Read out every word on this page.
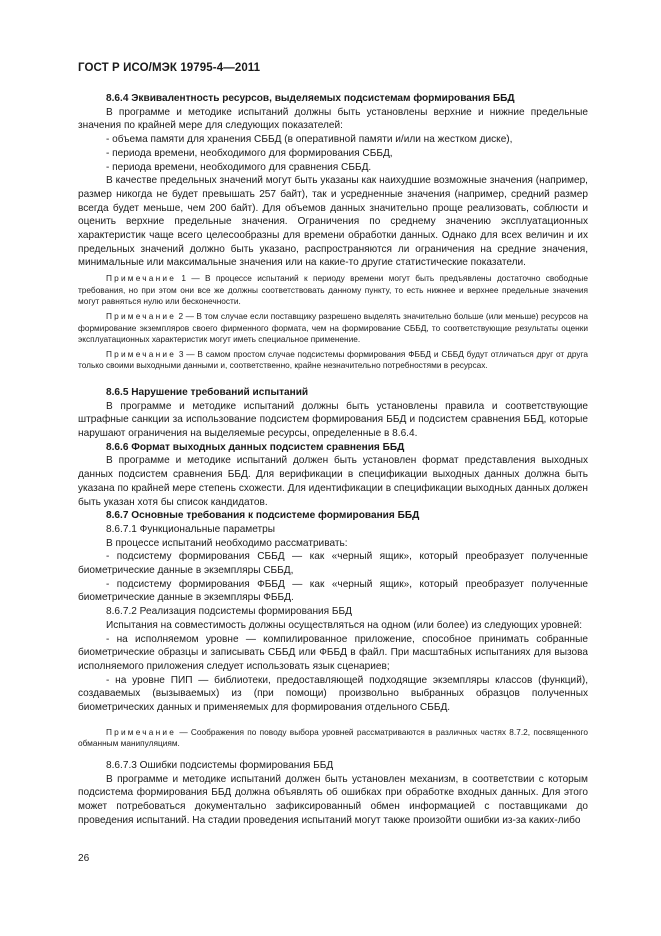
ГОСТ Р ИСО/МЭК 19795-4—2011
8.6.4 Эквивалентность ресурсов, выделяемых подсистемам формирования ББД

В программе и методике испытаний должны быть установлены верхние и нижние предельные значения по крайней мере для следующих показателей:

- объема памяти для хранения СББД (в оперативной памяти и/или на жестком диске),

- периода времени, необходимого для формирования СББД,

- периода времени, необходимого для сравнения СББД.

В качестве предельных значений могут быть указаны как наихудшие возможные значения (например, размер никогда не будет превышать 257 байт), так и усредненные значения (например, средний размер всегда будет меньше, чем 200 байт). Для объемов данных значительно проще реализовать, соблюсти и оценить верхние предельные значения. Ограничения по среднему значению эксплуатационных характеристик чаще всего целесообразны для времени обработки данных. Однако для всех величин и их предельных значений должно быть указано, распространяются ли ограничения на средние значения, минимальные или максимальные значения или на какие-то другие статистические показатели.

Примечание 1 — В процессе испытаний к периоду времени могут быть предъявлены достаточно свободные требования, но при этом они все же должны соответствовать данному пункту, то есть нижнее и верхнее предельные значения могут равняться нулю или бесконечности.

Примечание 2 — В том случае если поставщику разрешено выделять значительно больше (или меньше) ресурсов на формирование экземпляров своего фирменного формата, чем на формирование СББД, то соответствующие результаты оценки эксплуатационных характеристик могут иметь специальное применение.

Примечание 3 — В самом простом случае подсистемы формирования ФББД и СББД будут отличаться друг от друга только своими выходными данными и, соответственно, крайне незначительно потребностями в ресурсах.

8.6.5 Нарушение требований испытаний

В программе и методике испытаний должны быть установлены правила и соответствующие штрафные санкции за использование подсистем формирования ББД и подсистем сравнения ББД, которые нарушают ограничения на выделяемые ресурсы, определенные в 8.6.4.

8.6.6 Формат выходных данных подсистем сравнения ББД

В программе и методике испытаний должен быть установлен формат представления выходных данных подсистем сравнения ББД. Для верификации в спецификации выходных данных должна быть указана по крайней мере степень схожести. Для идентификации в спецификации выходных данных должен быть указан хотя бы список кандидатов.

8.6.7 Основные требования к подсистеме формирования ББД

8.6.7.1 Функциональные параметры

В процессе испытаний необходимо рассматривать:

- подсистему формирования СББД — как «черный ящик», который преобразует полученные биометрические данные в экземпляры СББД,

- подсистему формирования ФББД — как «черный ящик», который преобразует полученные биометрические данные в экземпляры ФББД.

8.6.7.2 Реализация подсистемы формирования ББД

Испытания на совместимость должны осуществляться на одном (или более) из следующих уровней:

- на исполняемом уровне — компилированное приложение, способное принимать собранные биометрические образцы и записывать СББД или ФББД в файл. При масштабных испытаниях для вызова исполняемого приложения следует использовать язык сценариев;

- на уровне ПИП — библиотеки, предоставляющей подходящие экземпляры классов (функций), создаваемых (вызываемых) из (при помощи) произвольно выбранных образцов полученных биометрических данных и применяемых для формирования отдельного СББД.

Примечание — Соображения по поводу выбора уровней рассматриваются в различных частях 8.7.2, посвященного обманным манипуляциям.

8.6.7.3 Ошибки подсистемы формирования ББД

В программе и методике испытаний должен быть установлен механизм, в соответствии с которым подсистема формирования ББД должна объявлять об ошибках при обработке входных данных. Для этого может потребоваться документально зафиксированный обмен информацией с поставщиками до проведения испытаний. На стадии проведения испытаний могут также произойти ошибки из-за каких-либо

26
